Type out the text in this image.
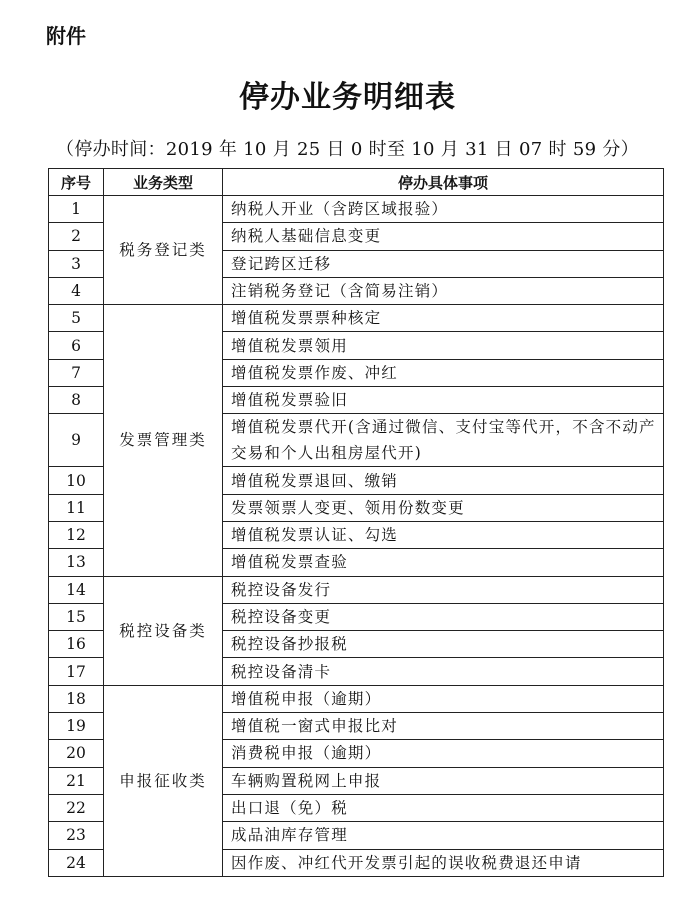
附件
停办业务明细表
（停办时间：2019 年 10 月 25 日 0 时至 10 月 31 日 07 时 59 分）
序号	业务类型	停办具体事项
1	税务登记类	纳税人开业（含跨区域报验）
2		纳税人基础信息变更
3		登记跨区迁移
4		注销税务登记（含简易注销）
5	发票管理类	增值税发票票种核定
6		增值税发票领用
7		增值税发票作废、冲红
8		增值税发票验旧
9		增值税发票代开(含通过微信、支付宝等代开，不含不动产交易和个人出租房屋代开)
10		增值税发票退回、缴销
11		发票领票人变更、领用份数变更
12		增值税发票认证、勾选
13		增值税发票查验
14	税控设备类	税控设备发行
15		税控设备变更
16		税控设备抄报税
17		税控设备清卡
18	申报征收类	增值税申报（逾期）
19		增值税一窗式申报比对
20		消费税申报（逾期）
21		车辆购置税网上申报
22		出口退（免）税
23		成品油库存管理
24		因作废、冲红代开发票引起的误收税费退还申请
